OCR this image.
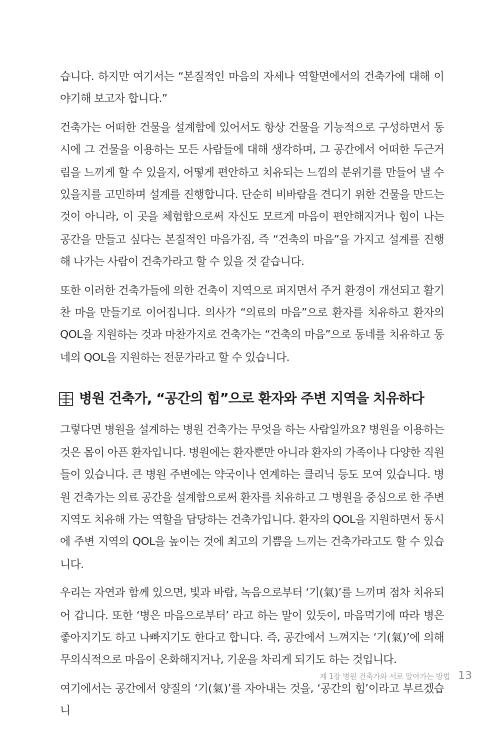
습니다. 하지만 여기서는 “본질적인 마음의 자세나 역할면에서의 건축가에 대해 이야기해 보고자 합니다.”

건축가는 어떠한 건물을 설계함에 있어서도 항상 건물을 기능적으로 구성하면서 동시에 그 건물을 이용하는 모든 사람들에 대해 생각하며, 그 공간에서 어떠한 두근거림을 느끼게 할 수 있을지, 어떻게 편안하고 치유되는 느낌의 분위기를 만들어 낼 수 있을지를 고민하며 설계를 진행합니다. 단순히 비바람을 견디기 위한 건물을 만드는 것이 아니라, 이 곳을 체험함으로써 자신도 모르게 마음이 편안해지거나 힘이 나는 공간을 만들고 싶다는 본질적인 마음가짐, 즉 “건축의 마음”을 가지고 설계를 진행해 나가는 사람이 건축가라고 할 수 있을 것 같습니다.

또한 이러한 건축가들에 의한 건축이 지역으로 퍼지면서 주거 환경이 개선되고 활기찬 마을 만들기로 이어집니다. 의사가 “의료의 마음”으로 환자를 치유하고 환자의 QOL을 지원하는 것과 마찬가지로 건축가는 “건축의 마음”으로 동네를 치유하고 동네의 QOL을 지원하는 전문가라고 할 수 있습니다.

병원 건축가, “공간의 힘”으로 환자와 주변 지역을 치유하다

그렇다면 병원을 설계하는 병원 건축가는 무엇을 하는 사람일까요? 병원을 이용하는 것은 몸이 아픈 환자입니다. 병원에는 환자뿐만 아니라 환자의 가족이나 다양한 직원들이 있습니다. 큰 병원 주변에는 약국이나 연계하는 클리닉 등도 모여 있습니다. 병원 건축가는 의료 공간을 설계함으로써 환자를 치유하고 그 병원을 중심으로 한 주변 지역도 치유해 가는 역할을 담당하는 건축가입니다. 환자의 QOL을 지원하면서 동시에 주변 지역의 QOL을 높이는 것에 최고의 기쁨을 느끼는 건축가라고도 할 수 있습니다.

우리는 자연과 함께 있으면, 빛과 바람, 녹음으로부터 ‘기(氣)’를 느끼며 점차 치유되어 갑니다. 또한 ‘병은 마음으로부터’ 라고 하는 말이 있듯이, 마음먹기에 따라 병은 좋아지기도 하고 나빠지기도 한다고 합니다. 즉, 공간에서 느껴지는 ‘기(氣)’에 의해 무의식적으로 마음이 온화해지거나, 기운을 차리게 되기도 하는 것입니다.

여기에서는 공간에서 양질의 ‘기(氣)’를 자아내는 것을, ‘공간의 힘’이라고 부르겠습니

제 1장 병원 건축가와 서로 알아가는 방법 13
